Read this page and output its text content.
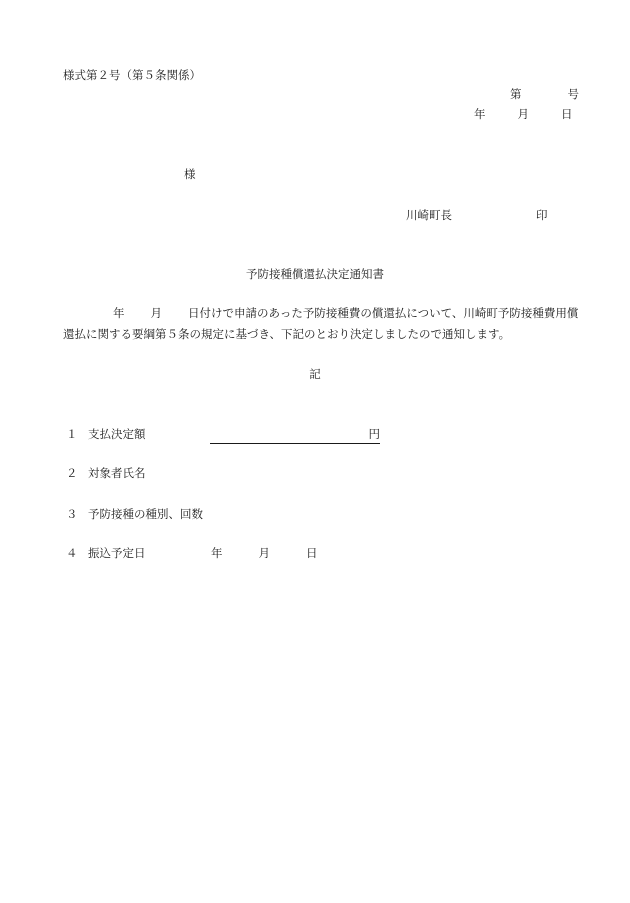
様式第２号（第５条関係）
第	号
年	月	日
様
川崎町長	印
予防接種償還払決定通知書
年 月 日付けで申請のあった予防接種費の償還払について、川崎町予防接種費用償還払に関する要綱第５条の規定に基づき、下記のとおり決定しましたので通知します。
記
１ 支払決定額	円
２ 対象者氏名
３ 予防接種の種別、回数
４ 振込予定日	年	月	日
